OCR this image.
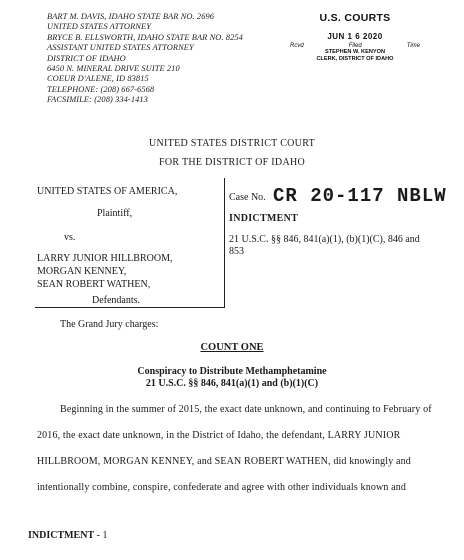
BART M. DAVIS, IDAHO STATE BAR NO. 2696
UNITED STATES ATTORNEY
BRYCE B. ELLSWORTH, IDAHO STATE BAR NO. 8254
ASSISTANT UNITED STATES ATTORNEY
DISTRICT OF IDAHO
6450 N. MINERAL DRIVE SUITE 210
COEUR D'ALENE, ID 83815
TELEPHONE: (208) 667-6568
FACSIMILE: (208) 334-1413
U.S. COURTS
JUN 1 6 2020
Rcvd	Filed	Time
STEPHEN W. KENYON
CLERK, DISTRICT OF IDAHO
UNITED STATES DISTRICT COURT
FOR THE DISTRICT OF IDAHO
UNITED STATES OF AMERICA,
Plaintiff,
vs.
LARRY JUNIOR HILLBROOM,
MORGAN KENNEY,
SEAN ROBERT WATHEN,
Defendants.
Case No. CR 20-117 NBLW
INDICTMENT
21 U.S.C. §§ 846, 841(a)(1), (b)(1)(C), 846 and 853
The Grand Jury charges:
COUNT ONE
Conspiracy to Distribute Methamphetamine
21 U.S.C. §§ 846, 841(a)(1) and (b)(1)(C)
Beginning in the summer of 2015, the exact date unknown, and continuing to February of
2016, the exact date unknown, in the District of Idaho, the defendant, LARRY JUNIOR
HILLBROOM, MORGAN KENNEY, and SEAN ROBERT WATHEN, did knowingly and
intentionally combine, conspire, confederate and agree with other individuals known and
INDICTMENT - 1
